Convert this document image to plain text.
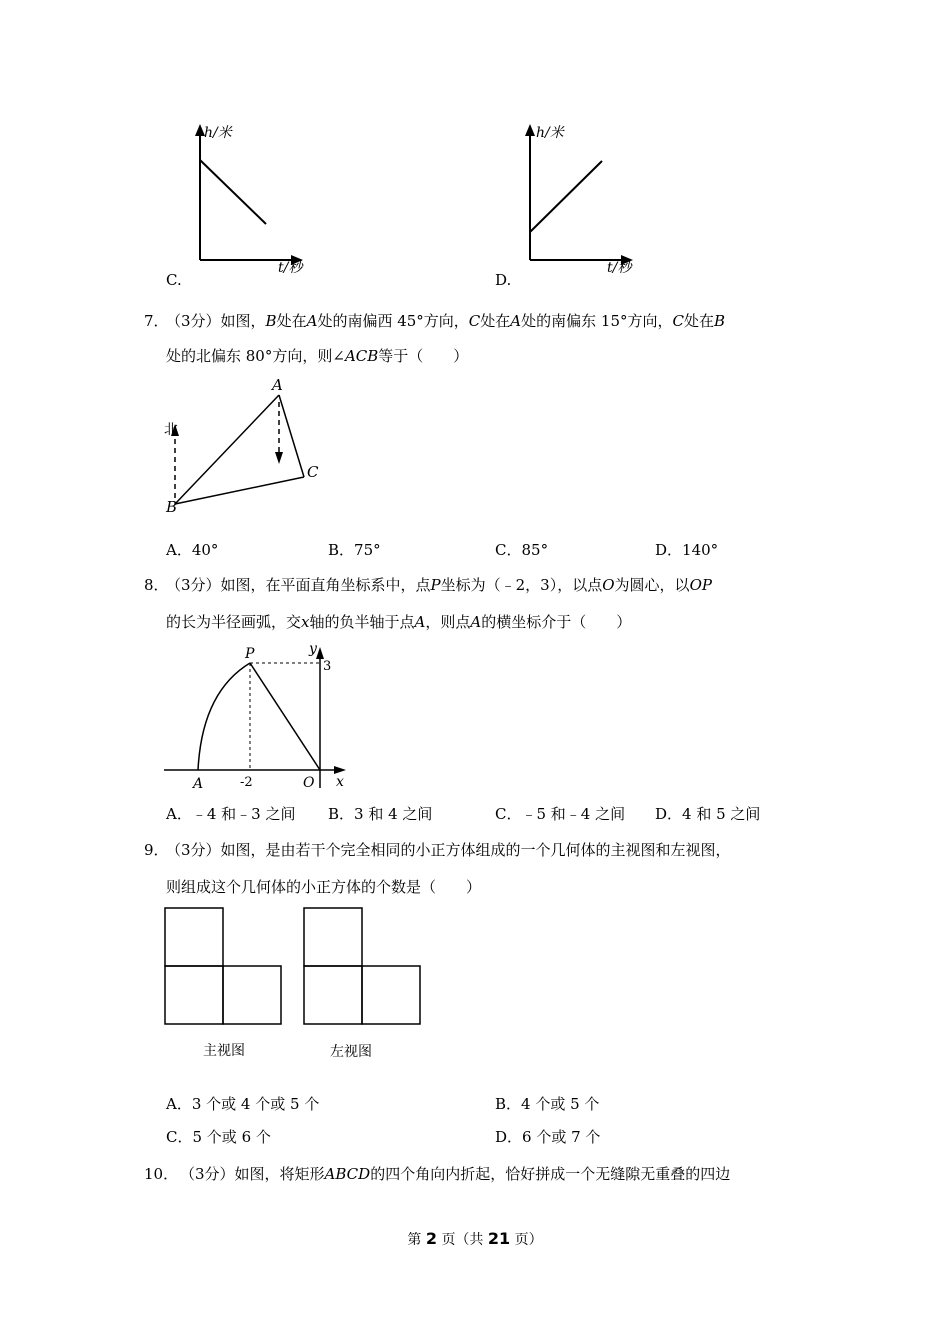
h/米
t/秒
C.
h/米
t/秒
D.
7．
（3分）如图，B处在A处的南偏西 45°方向，C处在A处的南偏东 15°方向，C处在B
处的北偏东 80°方向，则∠ACB等于（　　）
北
A
B
C
A．40°	B．75°	C．85°	D．140°
8．
（3分）如图，在平面直角坐标系中，点P坐标为（﹣2，3），以点O为圆心，以OP
的长为半径画弧，交x轴的负半轴于点A，则点A的横坐标介于（　　）
y
x
P
O
A	-2
3
A．﹣4 和﹣3 之间 B．3 和 4 之间	C．﹣5 和﹣4 之间 D．4 和 5 之间
9．
（3分）如图，是由若干个完全相同的小正方体组成的一个几何体的主视图和左视图，
则组成这个几何体的小正方体的个数是（　　）
主视图	左视图
A．3 个或 4 个或 5 个	B．4 个或 5 个
C．5 个或 6 个	D．6 个或 7 个
10． （3分）如图，将矩形ABCD的四个角向内折起，恰好拼成一个无缝隙无重叠的四边
第 2 页（共 21 页）
